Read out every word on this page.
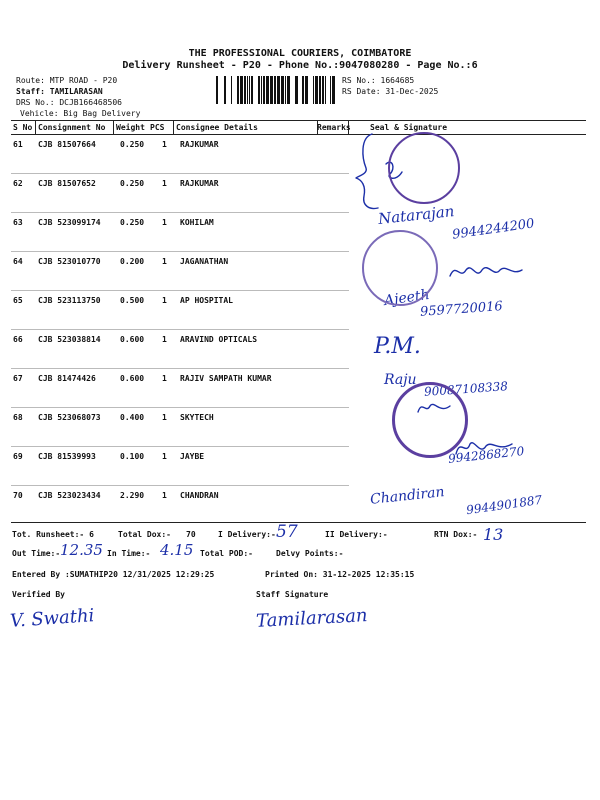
THE PROFESSIONAL COURIERS, COIMBATORE
Delivery Runsheet - P20 - Phone No.:9047080280 - Page No.:6
Route: MTP ROAD - P20
Staff: TAMILARASAN
DRS No.: DCJB166468506
Vehicle: Big Bag Delivery
RS No.: 1664685
RS Date: 31-Dec-2025
S No Consignment No Weight PCS Consignee Details	Remarks Seal & Signature
61 CJB 81507664	0.250 1 RAJKUMAR
62 CJB 81507652	0.250 1 RAJKUMAR
63 CJB 523099174 0.250 1 KOHILAM
64 CJB 523010770 0.200 1 JAGANATHAN
65 CJB 523113750 0.500 1 AP HOSPITAL
66 CJB 523038814 0.600 1 ARAVIND OPTICALS
67 CJB 81474426	0.600 1 RAJIV SAMPATH KUMAR
68 CJB 523068073 0.400 1 SKYTECH
69 CJB 81539993	0.100 1 JAYBE
70 CJB 523023434 2.290 1 CHANDRAN
Tot. Runsheet:- 6	Total Dox:- 70	I Delivery:- 57	II Delivery:-	RTN Dox:- 13
Out Time:- 12.35 In Time:- 4.15 Total POD:-	Delvy Points:-
Entered By :SUMATHIP20 12/31/2025 12:29:25	Printed On: 31-12-2025 12:35:15
Verified By	Staff Signature
Natarajan
9944244200
Ajeeth
9597720016
P.M.
Raju 90087108338
9942868270
Chandiran 9944901887
V. Swathi	Tamilarasan
